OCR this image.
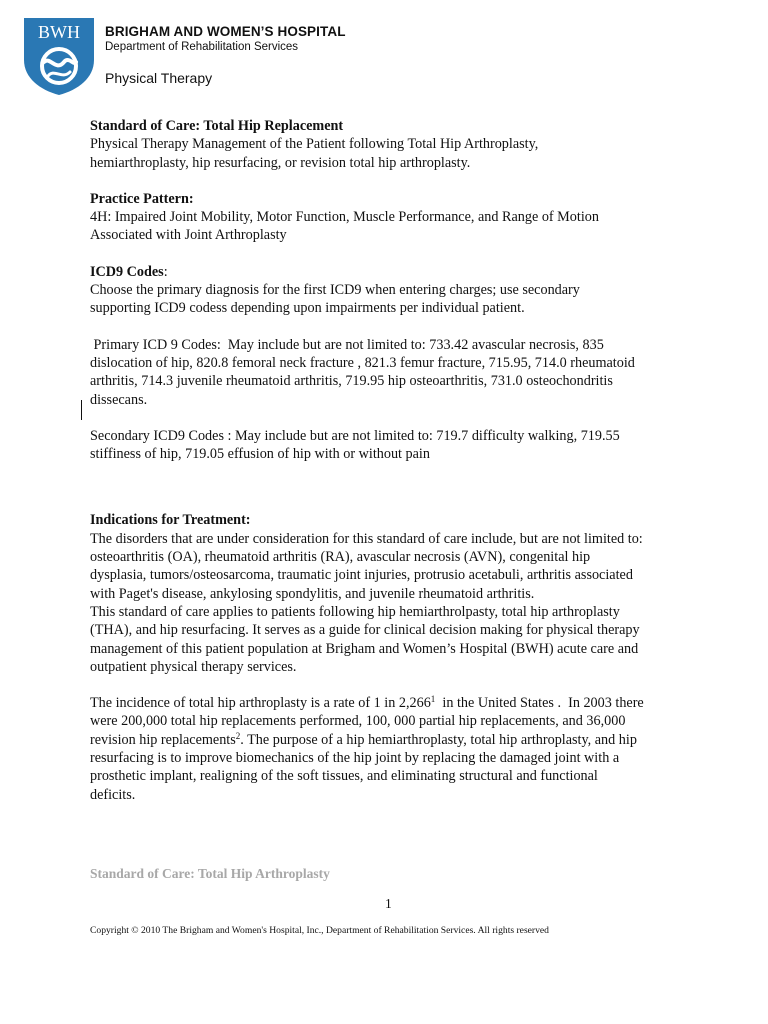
BWH BRIGHAM AND WOMEN’S HOSPITAL
Department of Rehabilitation Services
Physical Therapy

Standard of Care: Total Hip Replacement

Physical Therapy Management of the Patient following Total Hip Arthroplasty,

hemiarthroplasty, hip resurfacing, or revision total hip arthroplasty.

Practice Pattern:

4H: Impaired Joint Mobility, Motor Function, Muscle Performance, and Range of Motion

Associated with Joint Arthroplasty

ICD9 Codes:

Choose the primary diagnosis for the first ICD9 when entering charges; use secondary

supporting ICD9 codess depending upon impairments per individual patient.

Primary ICD 9 Codes:  May include but are not limited to: 733.42 avascular necrosis, 835

dislocation of hip, 820.8 femoral neck fracture , 821.3 femur fracture, 715.95, 714.0 rheumatoid

arthritis, 714.3 juvenile rheumatoid arthritis, 719.95 hip osteoarthritis, 731.0 osteochondritis

dissecans.

Secondary ICD9 Codes : May include but are not limited to: 719.7 difficulty walking, 719.55

stiffiness of hip, 719.05 effusion of hip with or without pain

Indications for Treatment:

The disorders that are under consideration for this standard of care include, but are not limited to:

osteoarthritis (OA), rheumatoid arthritis (RA), avascular necrosis (AVN), congenital hip

dysplasia, tumors/osteosarcoma, traumatic joint injuries, protrusio acetabuli, arthritis associated

with Paget's disease, ankylosing spondylitis, and juvenile rheumatoid arthritis.

This standard of care applies to patients following hip hemiarthrolpasty, total hip arthroplasty

(THA), and hip resurfacing. It serves as a guide for clinical decision making for physical therapy

management of this patient population at Brigham and Women’s Hospital (BWH) acute care and

outpatient physical therapy services.

The incidence of total hip arthroplasty is a rate of 1 in 2,266$^1$  in the United States .  In 2003 there

were 200,000 total hip replacements performed, 100, 000 partial hip replacements, and 36,000

revision hip replacements$^2$. The purpose of a hip hemiarthroplasty, total hip arthroplasty, and hip

resurfacing is to improve biomechanics of the hip joint by replacing the damaged joint with a

prosthetic implant, realigning of the soft tissues, and eliminating structural and functional

deficits.

Standard of Care: Total Hip Arthroplasty
1
Copyright © 2010 The Brigham and Women's Hospital, Inc., Department of Rehabilitation Services. All rights reserved
